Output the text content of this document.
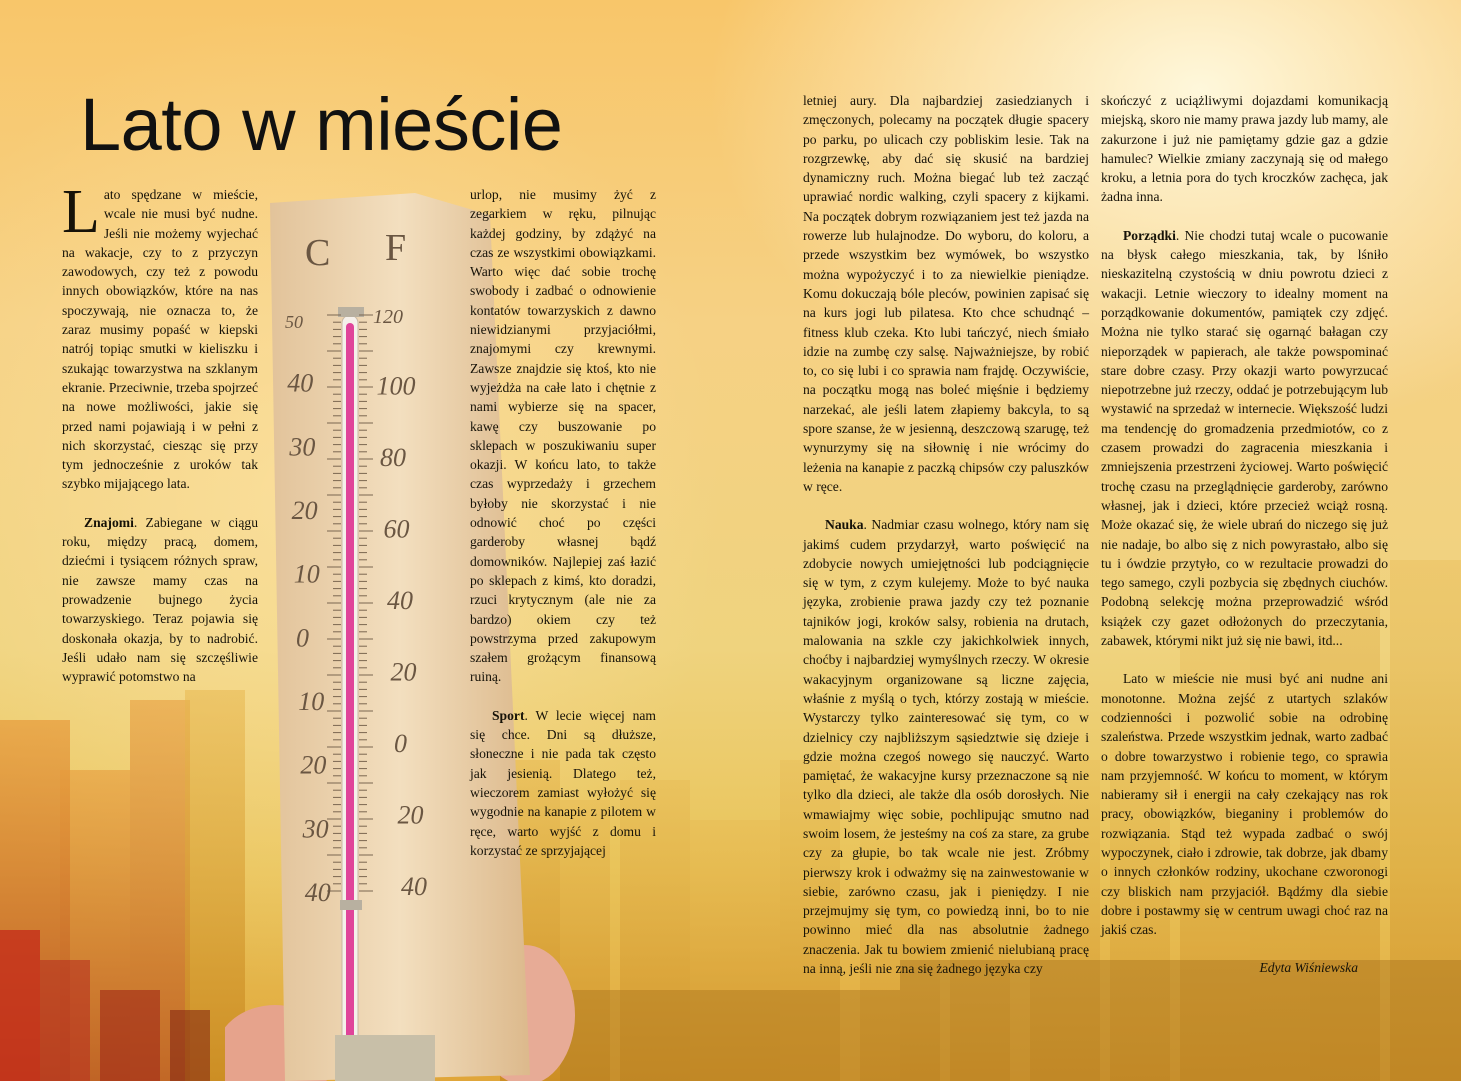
Lato w mieście
C F
50
40
30
20
10
0
10
20
30
40
120
100
80
60
40
20
0
20
40

Lato spędzane w mieście, wcale nie musi być nudne. Jeśli nie możemy wyjechać na wakacje, czy to z przyczyn zawodowych, czy też z powodu innych obowiązków, które na nas spoczywają, nie oznacza to, że zaraz musimy popaść w kiepski natrój topiąc smutki w kieliszku i szukając towarzystwa na szklanym ekranie. Przeciwnie, trzeba spojrzeć na nowe możliwości, jakie się przed nami pojawiają i w pełni z nich skorzystać, ciesząc się przy tym jednocześnie z uroków tak szybko mijającego lata.

Znajomi. Zabiegane w ciągu roku, między pracą, domem, dziećmi i tysiącem różnych spraw, nie zawsze mamy czas na prowadzenie bujnego życia towarzyskiego. Teraz pojawia się doskonała okazja, by to nadrobić. Jeśli udało nam się szczęśliwie wyprawić potomstwo na

urlop, nie musimy żyć z zegarkiem w ręku, pilnując każdej godziny, by zdążyć na czas ze wszystkimi obowiązkami. Warto więc dać sobie trochę swobody i zadbać o odnowienie kontatów towarzyskich z dawno niewidzianymi przyjaciółmi, znajomymi czy krewnymi. Zawsze znajdzie się ktoś, kto nie wyjeżdża na całe lato i chętnie z nami wybierze się na spacer, kawę czy buszowanie po sklepach w poszukiwaniu super okazji. W końcu lato, to także czas wyprzedaży i grzechem byłoby nie skorzystać i nie odnowić choć po części garderoby własnej bądź domowników. Najlepiej zaś łazić po sklepach z kimś, kto doradzi, rzuci krytycznym (ale nie za bardzo) okiem czy też powstrzyma przed zakupowym szałem grożącym finansową ruiną.

Sport. W lecie więcej nam się chce. Dni są dłuższe, słoneczne i nie pada tak często jak jesienią. Dlatego też, wieczorem zamiast wyłożyć się wygodnie na kanapie z pilotem w ręce, warto wyjść z domu i korzystać ze sprzyjającej

letniej aury. Dla najbardziej zasiedzianych i zmęczonych, polecamy na początek długie spacery po parku, po ulicach czy pobliskim lesie. Tak na rozgrzewkę, aby dać się skusić na bardziej dynamiczny ruch. Można biegać lub też zacząć uprawiać nordic walking, czyli spacery z kijkami. Na początek dobrym rozwiązaniem jest też jazda na rowerze lub hulajnodze. Do wyboru, do koloru, a przede wszystkim bez wymówek, bo wszystko można wypożyczyć i to za niewielkie pieniądze. Komu dokuczają bóle pleców, powinien zapisać się na kurs jogi lub pilatesa. Kto chce schudnąć – fitness klub czeka. Kto lubi tańczyć, niech śmiało idzie na zumbę czy salsę. Najważniejsze, by robić to, co się lubi i co sprawia nam frajdę. Oczywiście, na początku mogą nas boleć mięśnie i będziemy narzekać, ale jeśli latem złapiemy bakcyla, to są spore szanse, że w jesienną, deszczową szarugę, też wynurzymy się na siłownię i nie wrócimy do leżenia na kanapie z paczką chipsów czy paluszków w ręce.

Nauka. Nadmiar czasu wolnego, który nam się jakimś cudem przydarzył, warto poświęcić na zdobycie nowych umiejętności lub podciągnięcie się w tym, z czym kulejemy. Może to być nauka języka, zrobienie prawa jazdy czy też poznanie tajników jogi, kroków salsy, robienia na drutach, malowania na szkle czy jakichkolwiek innych, choćby i najbardziej wymyślnych rzeczy. W okresie wakacyjnym organizowane są liczne zajęcia, właśnie z myślą o tych, którzy zostają w mieście. Wystarczy tylko zainteresować się tym, co w dzielnicy czy najbliższym sąsiedztwie się dzieje i gdzie można czegoś nowego się nauczyć. Warto pamiętać, że wakacyjne kursy przeznaczone są nie tylko dla dzieci, ale także dla osób dorosłych. Nie wmawiajmy więc sobie, pochlipując smutno nad swoim losem, że jesteśmy na coś za stare, za grube czy za głupie, bo tak wcale nie jest. Zróbmy pierwszy krok i odważmy się na zainwestowanie w siebie, zarówno czasu, jak i pieniędzy. I nie przejmujmy się tym, co powiedzą inni, bo to nie powinno mieć dla nas absolutnie żadnego znaczenia. Jak tu bowiem zmienić nielubianą pracę na inną, jeśli nie zna się żadnego języka czy

skończyć z uciążliwymi dojazdami komunikacją miejską, skoro nie mamy prawa jazdy lub mamy, ale zakurzone i już nie pamiętamy gdzie gaz a gdzie hamulec? Wielkie zmiany zaczynają się od małego kroku, a letnia pora do tych kroczków zachęca, jak żadna inna.

Porządki. Nie chodzi tutaj wcale o pucowanie na błysk całego mieszkania, tak, by lśniło nieskazitelną czystością w dniu powrotu dzieci z wakacji. Letnie wieczory to idealny moment na porządkowanie dokumentów, pamiątek czy zdjęć. Można nie tylko starać się ogarnąć bałagan czy nieporządek w papierach, ale także powspominać stare dobre czasy. Przy okazji warto powyrzucać niepotrzebne już rzeczy, oddać je potrzebującym lub wystawić na sprzedaż w internecie. Większość ludzi ma tendencję do gromadzenia przedmiotów, co z czasem prowadzi do zagracenia mieszkania i zmniejszenia przestrzeni życiowej. Warto poświęcić trochę czasu na przeglądnięcie garderoby, zarówno własnej, jak i dzieci, które przecież wciąż rosną. Może okazać się, że wiele ubrań do niczego się już nie nadaje, bo albo się z nich powyrastało, albo się tu i ówdzie przytyło, co w rezultacie prowadzi do tego samego, czyli pozbycia się zbędnych ciuchów. Podobną selekcję można przeprowadzić wśród książek czy gazet odłożonych do przeczytania, zabawek, którymi nikt już się nie bawi, itd...

Lato w mieście nie musi być ani nudne ani monotonne. Można zejść z utartych szlaków codzienności i pozwolić sobie na odrobinę szaleństwa. Przede wszystkim jednak, warto zadbać o dobre towarzystwo i robienie tego, co sprawia nam przyjemność. W końcu to moment, w którym nabieramy sił i energii na cały czekający nas rok pracy, obowiązków, bieganiny i problemów do rozwiązania. Stąd też wypada zadbać o swój wypoczynek, ciało i zdrowie, tak dobrze, jak dbamy o innych członków rodziny, ukochane czworonogi czy bliskich nam przyjaciół. Bądźmy dla siebie dobre i postawmy się w centrum uwagi choć raz na jakiś czas.

Edyta Wiśniewska
